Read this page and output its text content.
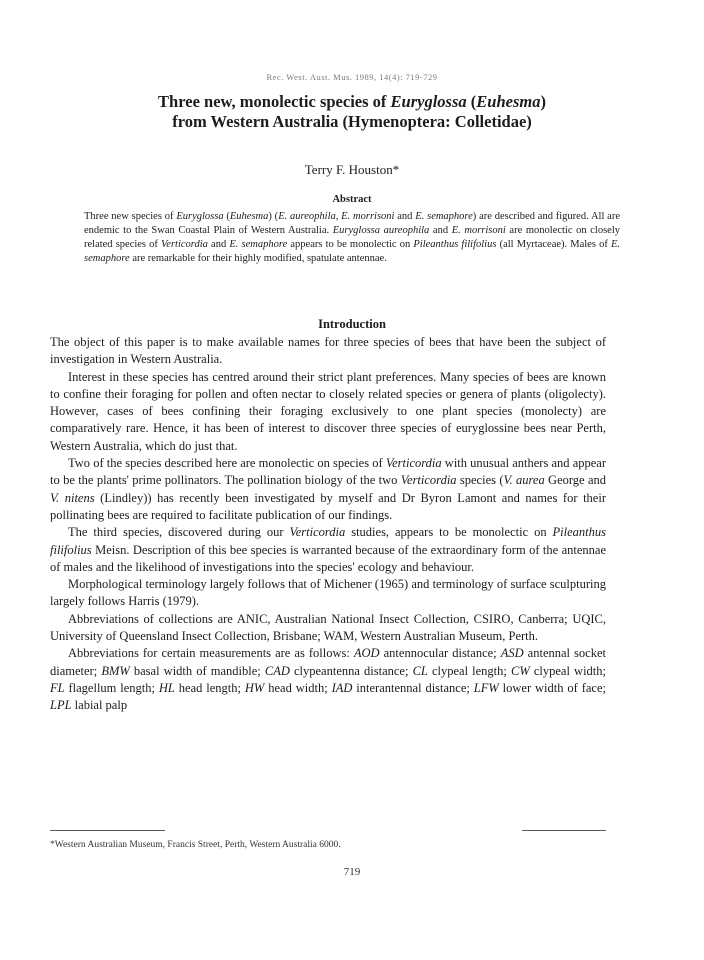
Rec. West. Aust. Mus. 1989, 14(4): 719-729
Three new, monolectic species of Euryglossa (Euhesma)
from Western Australia (Hymenoptera: Colletidae)
Terry F. Houston*
Abstract
Three new species of Euryglossa (Euhesma) (E. aureophila, E. morrisoni and E. semaphore) are described and figured. All are endemic to the Swan Coastal Plain of Western Australia. Euryglossa aureophila and E. morrisoni are monolectic on closely related species of Verticordia and E. semaphore appears to be monolectic on Pileanthus filifolius (all Myrtaceae). Males of E. semaphore are remarkable for their highly modified, spatulate antennae.
Introduction

The object of this paper is to make available names for three species of bees that have been the subject of investigation in Western Australia.

Interest in these species has centred around their strict plant preferences. Many species of bees are known to confine their foraging for pollen and often nectar to closely related species or genera of plants (oligolecty). However, cases of bees confining their foraging exclusively to one plant species (monolecty) are comparatively rare. Hence, it has been of interest to discover three species of euryglossine bees near Perth, Western Australia, which do just that.

Two of the species described here are monolectic on species of Verticordia with unusual anthers and appear to be the plants' prime pollinators. The pollination biology of the two Verticordia species (V. aurea George and V. nitens (Lindley)) has recently been investigated by myself and Dr Byron Lamont and names for their pollinating bees are required to facilitate publication of our findings.

The third species, discovered during our Verticordia studies, appears to be monolectic on Pileanthus filifolius Meisn. Description of this bee species is warranted because of the extraordinary form of the antennae of males and the likelihood of investigations into the species' ecology and behaviour.

Morphological terminology largely follows that of Michener (1965) and terminology of surface sculpturing largely follows Harris (1979).

Abbreviations of collections are ANIC, Australian National Insect Collection, CSIRO, Canberra; UQIC, University of Queensland Insect Collection, Brisbane; WAM, Western Australian Museum, Perth.

Abbreviations for certain measurements are as follows: AOD antennocular distance; ASD antennal socket diameter; BMW basal width of mandible; CAD clypeantenna distance; CL clypeal length; CW clypeal width; FL flagellum length; HL head length; HW head width; IAD interantennal distance; LFW lower width of face; LPL labial palp

*Western Australian Museum, Francis Street, Perth, Western Australia 6000.
719
